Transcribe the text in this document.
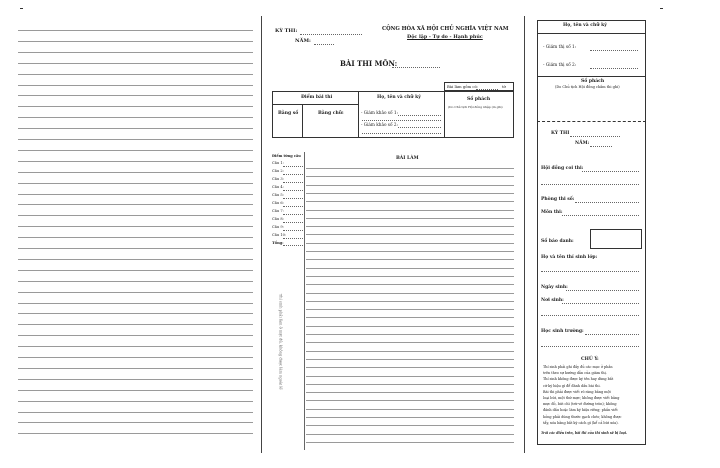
KỲ THI:
NĂM:
CỘNG HÒA XÃ HỘI CHỦ NGHĨA VIỆT NAM
Độc lập - Tự do - Hạnh phúc
BÀI THI MÔN:
Bài làm gồm có:	tờ
Điểm bài thi
Bằng số	Bằng chữ:
Họ, tên và chữ ký
- Giám khảo số 1:
- Giám khảo số 2:
Số phách
(Do Chủ tịch Hội đồng nhập (in ghi)
BÀI LÀM
Điểm từng câu
Câu 1:
Câu 2:
Câu 3:
Câu 4:
Câu 5:
Câu 6:
Câu 7:
Câu 8:
Câu 9:
Câu 10:
Tổng:
Thí sinh phải làm ở mặt đủ, không được làm ngoài lề
Họ, tên và chữ ký
- Giám thị số 1:
- Giám thị số 2:
Số phách
(Do Chủ tịch Hội đồng chấm thi ghi)
KỲ THI
NĂM:
Hội đồng coi thi:
Phòng thi số:
Môn thi:
Số báo danh:
Họ và tên thí sinh lớp:
Ngày sinh:
Nơi sinh:
Học sinh trường:
CHÚ Ý:
Thí sinh phải ghi đầy đủ các mục ở phần
trên theo sự hướng dẫn của giám thị.
Thí sinh không được ký tên hay dùng bất
cứ ký hiệu gì để đánh dấu bài thi.
Bài thi phải được viết rõ ràng bằng một
loại bút, một thứ mực; không được viết bằng
mực đỏ, bút chì (trừ vẽ đường tròn); không
đánh dấu hoặc làm ký hiệu riêng; phần viết
hỏng phải dùng thước gạch chéo; không được
tẩy, xóa bằng bất kỳ cách gì (kể cả bút xóa).
Trái các điều trên, bài thi của thí sinh sẽ bị loại.
